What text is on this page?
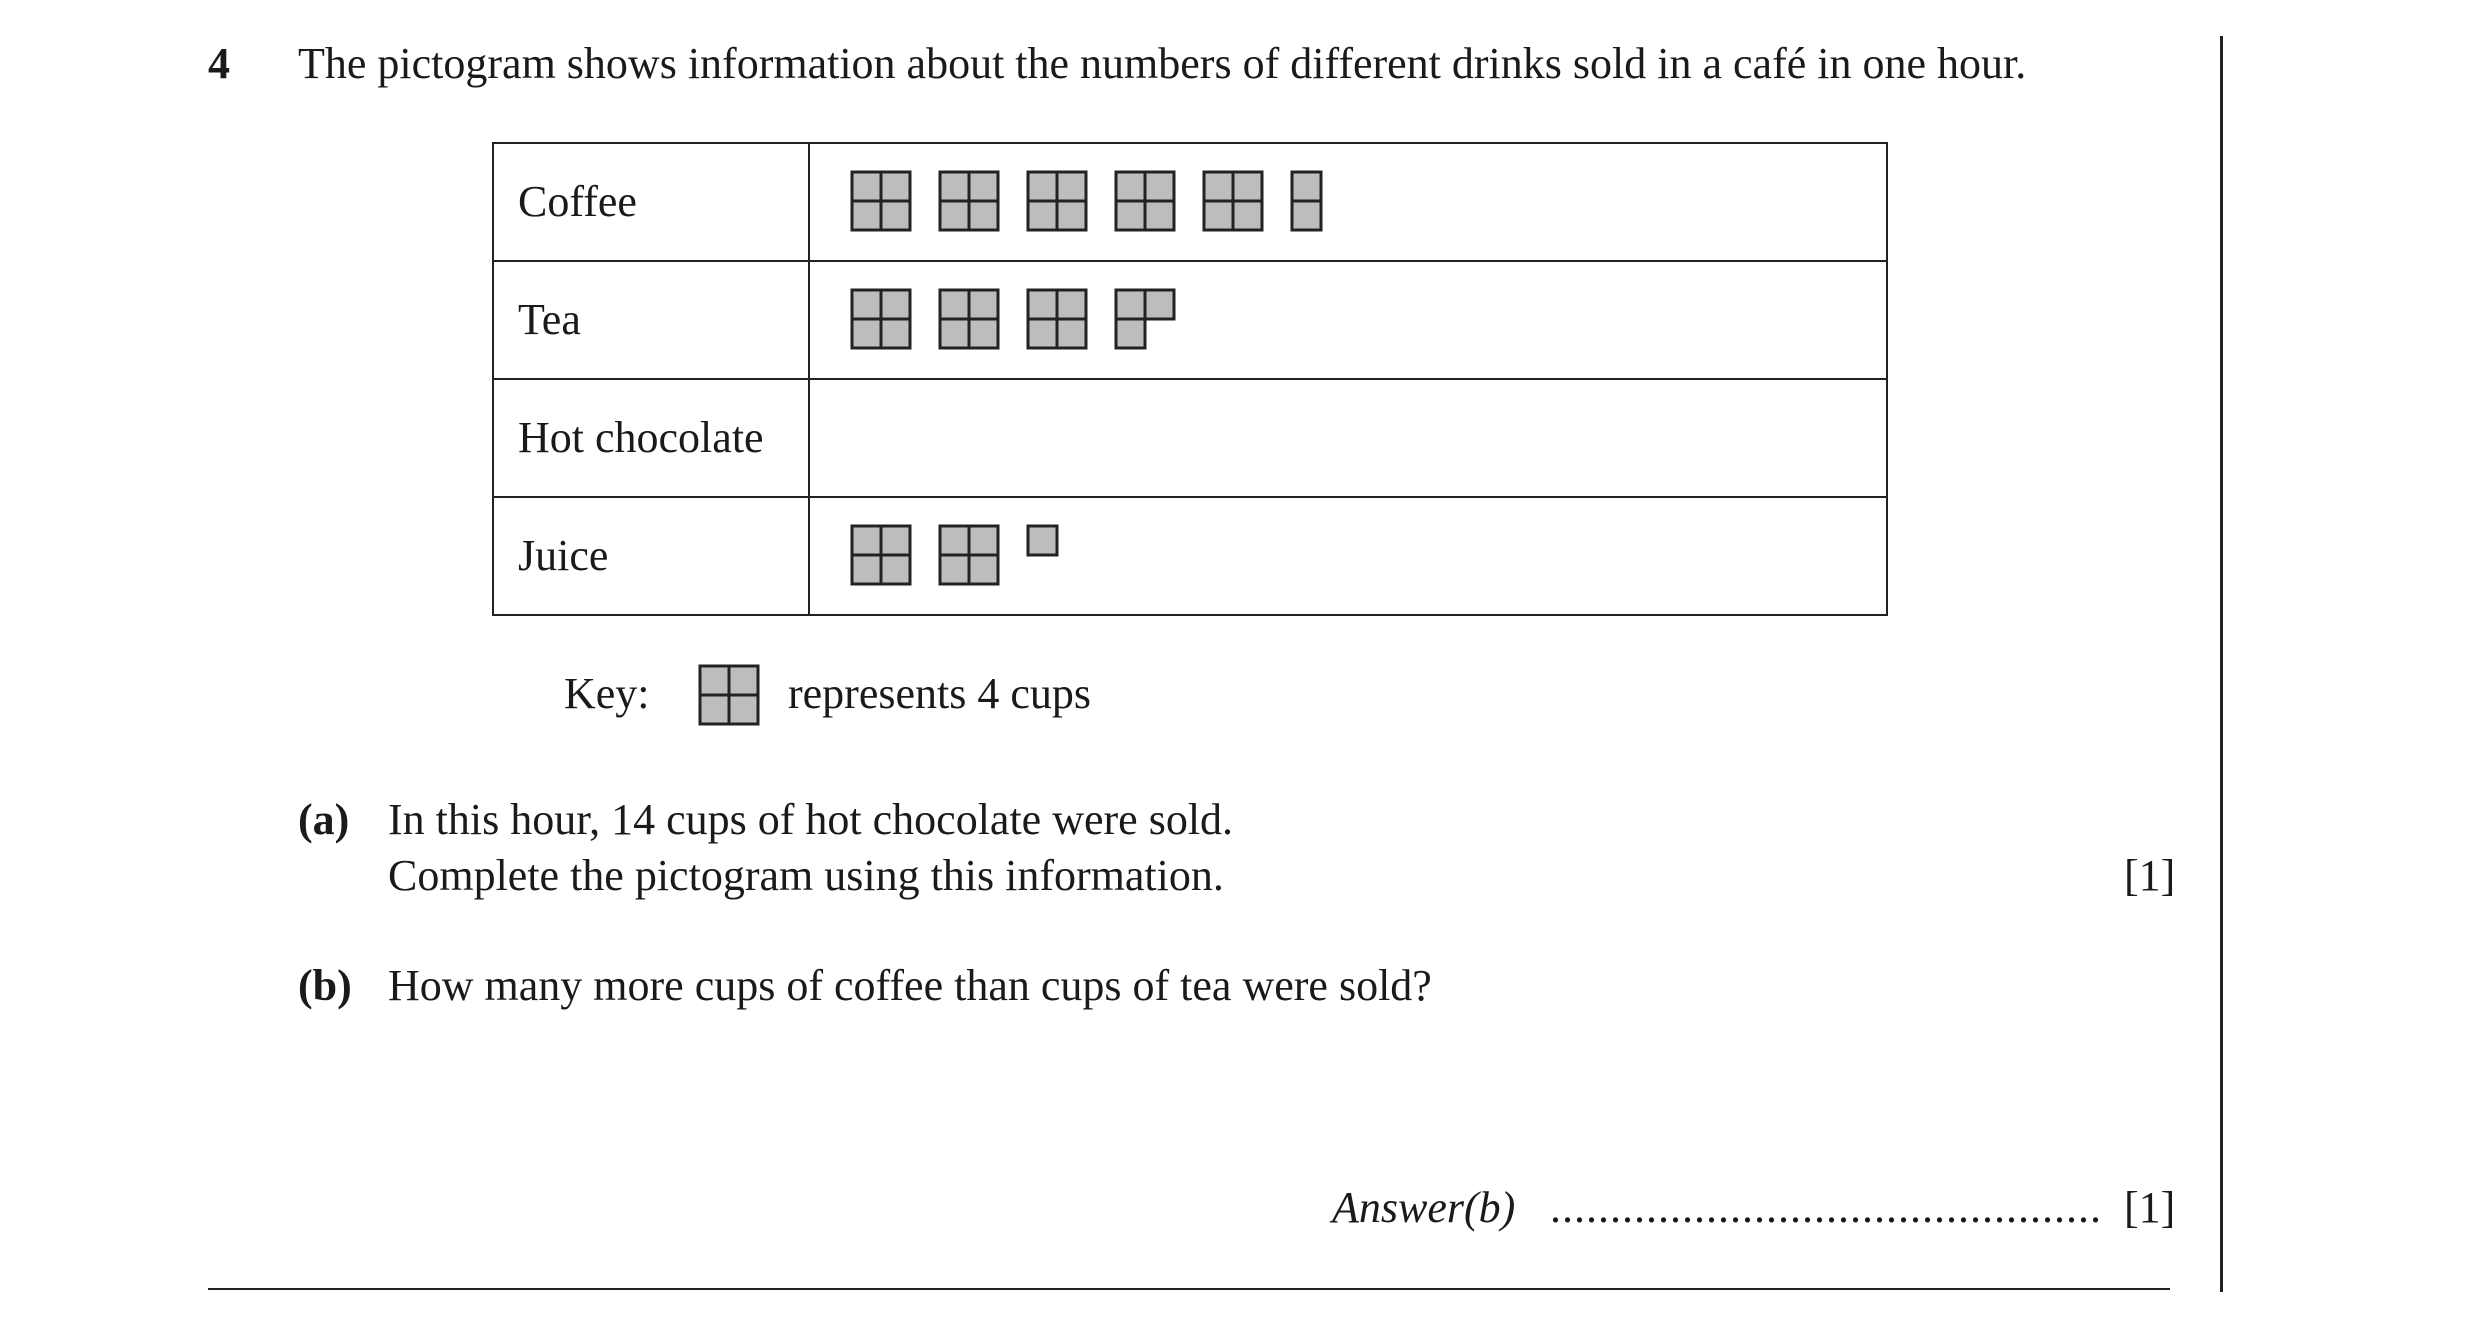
4 The pictogram shows information about the numbers of different drinks sold in a café in one hour.
Coffee
Tea
Hot chocolate
Juice
Key:	represents 4 cups
(a) In this hour, 14 cups of hot chocolate were sold.
Complete the pictogram using this information.	[1]
(b) How many more cups of coffee than cups of tea were sold?
Answer(b) .............................................. [1]
